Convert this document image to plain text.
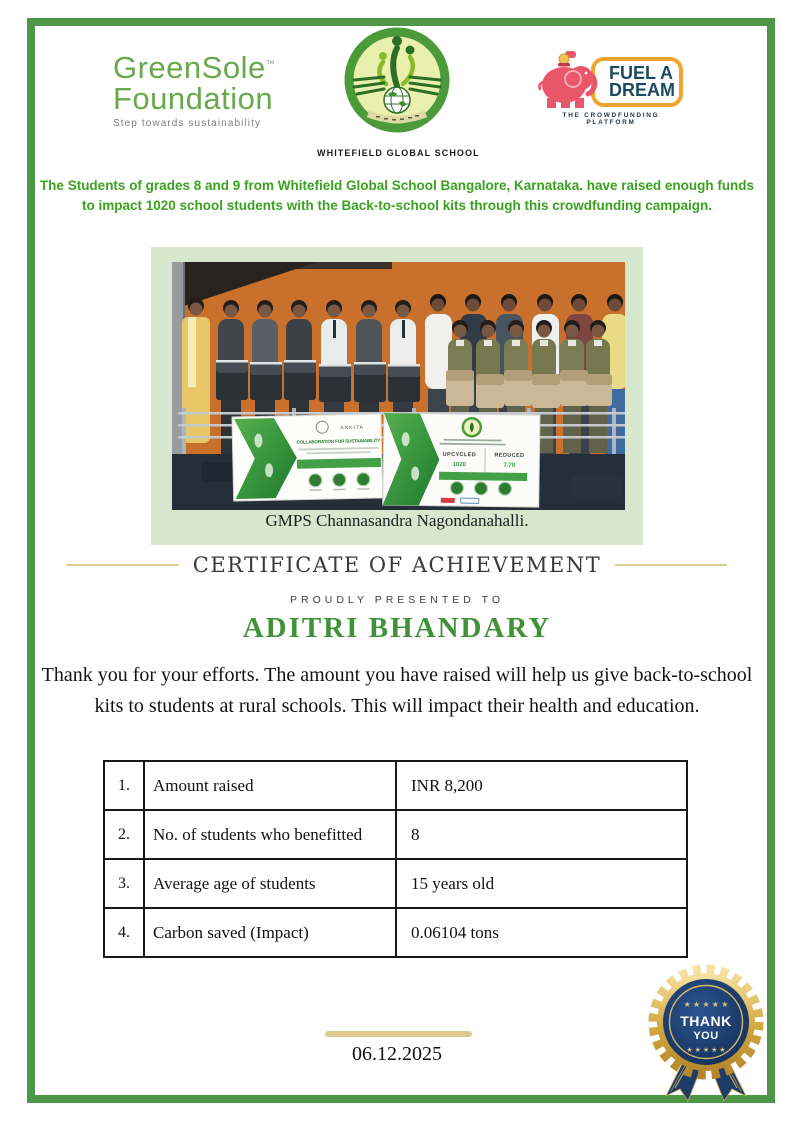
GreenSole™
Foundation
Step towards sustainability
WHITEFIELD GLOBAL SCHOOL
FUEL A
DREAM
THE CROWDFUNDING PLATFORM
The Students of grades 8 and 9 from Whitefield Global School Bangalore, Karnataka. have raised enough funds to impact 1020 school students with the Back-to-school kits through this crowdfunding campaign.
ANKITA
COLLABORATION FOR SUSTAINABILITY
UPCYCLED	REDUCED
1020	7.78
GMPS Channasandra Nagondanahalli.
CERTIFICATE OF ACHIEVEMENT
PROUDLY PRESENTED TO
ADITRI BHANDARY
Thank you for your efforts. The amount you have raised will help us give back-to-school kits to students at rural schools. This will impact their health and education.
1.	Amount raised	INR 8,200
2.	No. of students who benefitted	8
3.	Average age of students	15 years old
4.	Carbon saved (Impact)	0.06104 tons
★ ★ ★ ★ ★
THANK
YOU
★ ★ ★ ★ ★
06.12.2025
